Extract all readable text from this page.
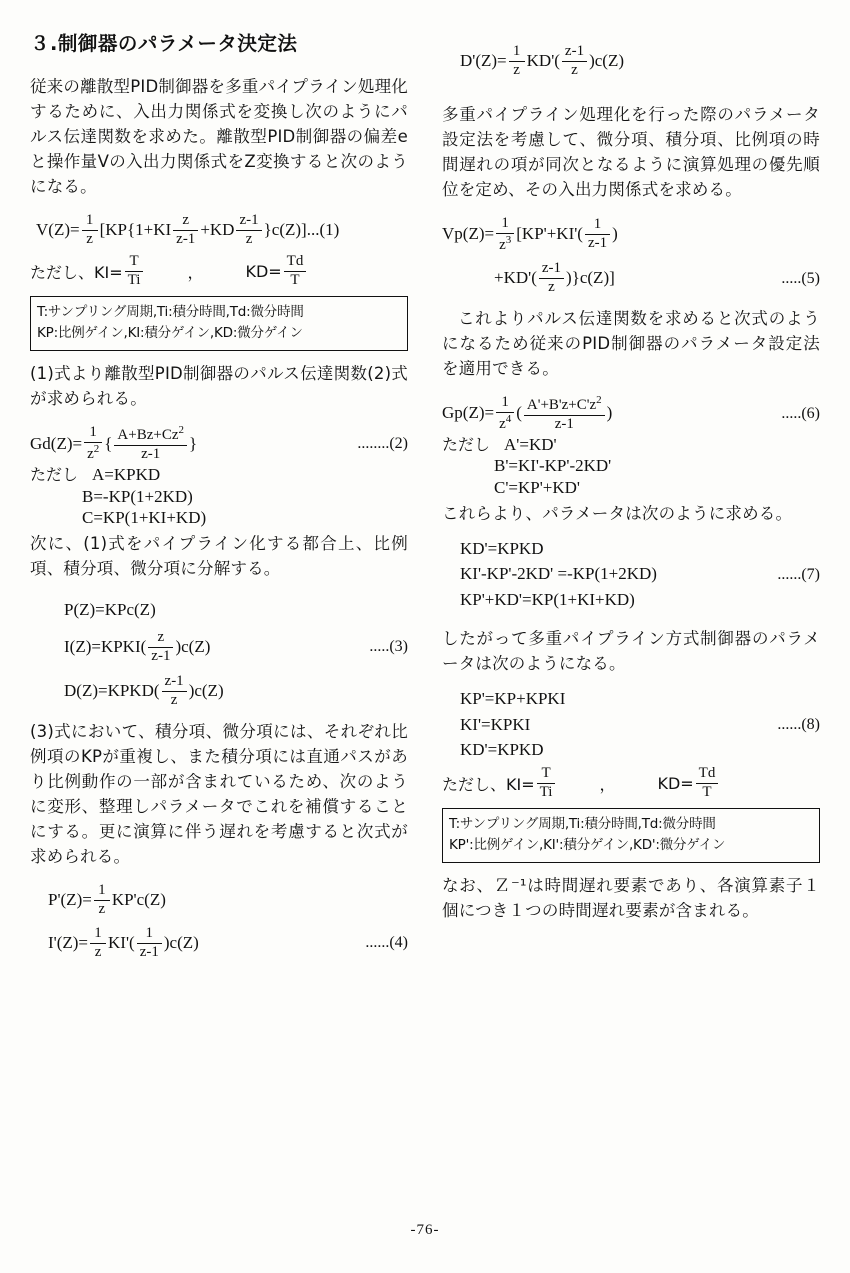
３.制御器のパラメータ決定法

従来の離散型PID制御器を多重パイプライン処理化するために、入出力関係式を変換し次のようにパルス伝達関数を求めた。離散型PID制御器の偏差eと操作量Vの入出力関係式をZ変換すると次のようになる。

$V(Z)= \frac{1}{z} [KP\{1+KI \frac{z}{z-1} +KD \frac{z-1}{z} \}c(Z)]$ ...(1)
ただし、$KI= \frac{T}{Ti}$	，	$KD= \frac{Td}{T}$
T:サンプリング周期,Ti:積分時間,Td:微分時間
KP:比例ゲイン,KI:積分ゲイン,KD:微分ゲイン

(1)式より離散型PID制御器のパルス伝達関数(2)式が求められる。

$Gd(Z)= \frac{1}{z^2}$ { $\frac{A+Bz+Cz^2}{z-1}$ }	........(2)
ただし A=KPKD
B=-KP(1+2KD)
C=KP(1+KI+KD)

次に、(1)式をパイプライン化する都合上、比例項、積分項、微分項に分解する。

P(Z)=KPc(Z)
I(Z)=KPKI( $\frac{z}{z-1} )c(Z)$	.....(3)
D(Z)=KPKD( $\frac{z-1}{z} )c(Z)$

(3)式において、積分項、微分項には、それぞれ比例項のKPが重複し、また積分項には直通パスがあり比例動作の一部が含まれているため、次のように変形、整理しパラメータでこれを補償することにする。更に演算に伴う遅れを考慮すると次式が求められる。

$P'(Z)= \frac{1}{z} KP'c(Z)$
$I'(Z)= \frac{1}{z} KI'( \frac{1}{z-1} )c(Z)$	......(4)
$D'(Z)= \frac{1}{z} KD'( \frac{z-1}{z} )c(Z)$

多重パイプライン処理化を行った際のパラメータ設定法を考慮して、微分項、積分項、比例項の時間遅れの項が同次となるように演算処理の優先順位を定め、その入出力関係式を求める。

$Vp(Z)= \frac{1}{z^3} [KP'+KI'( \frac{1}{z-1}$ )
$+KD'( \frac{z-1}{z} )\}c(Z)$]	.....(5)

これよりパルス伝達関数を求めると次式のようになるため従来のPID制御器のパラメータ設定法を適用できる。

$Gp(Z)= \frac{1}{z^4}$ ( $\frac{A'+B'z+C'z^2}{z-1}$ )	.....(6)
ただし A'=KD'
B'=KI'-KP'-2KD'
C'=KP'+KD'

これらより、パラメータは次のように求める。

KD'=KPKD
KI'-KP'-2KD' =-KP(1+2KD)	......(7)
KP'+KD'=KP(1+KI+KD)

したがって多重パイプライン方式制御器のパラメータは次のようになる。

KP'=KP+KPKI
KI'=KPKI	......(8)
KD'=KPKD
ただし、$KI= \frac{T}{Ti}$	，	$KD= \frac{Td}{T}$
T:サンプリング周期,Ti:積分時間,Td:微分時間
KP':比例ゲイン,KI':積分ゲイン,KD':微分ゲイン

なお、Ｚ⁻¹は時間遅れ要素であり、各演算素子１個につき１つの時間遅れ要素が含まれる。

-76-
